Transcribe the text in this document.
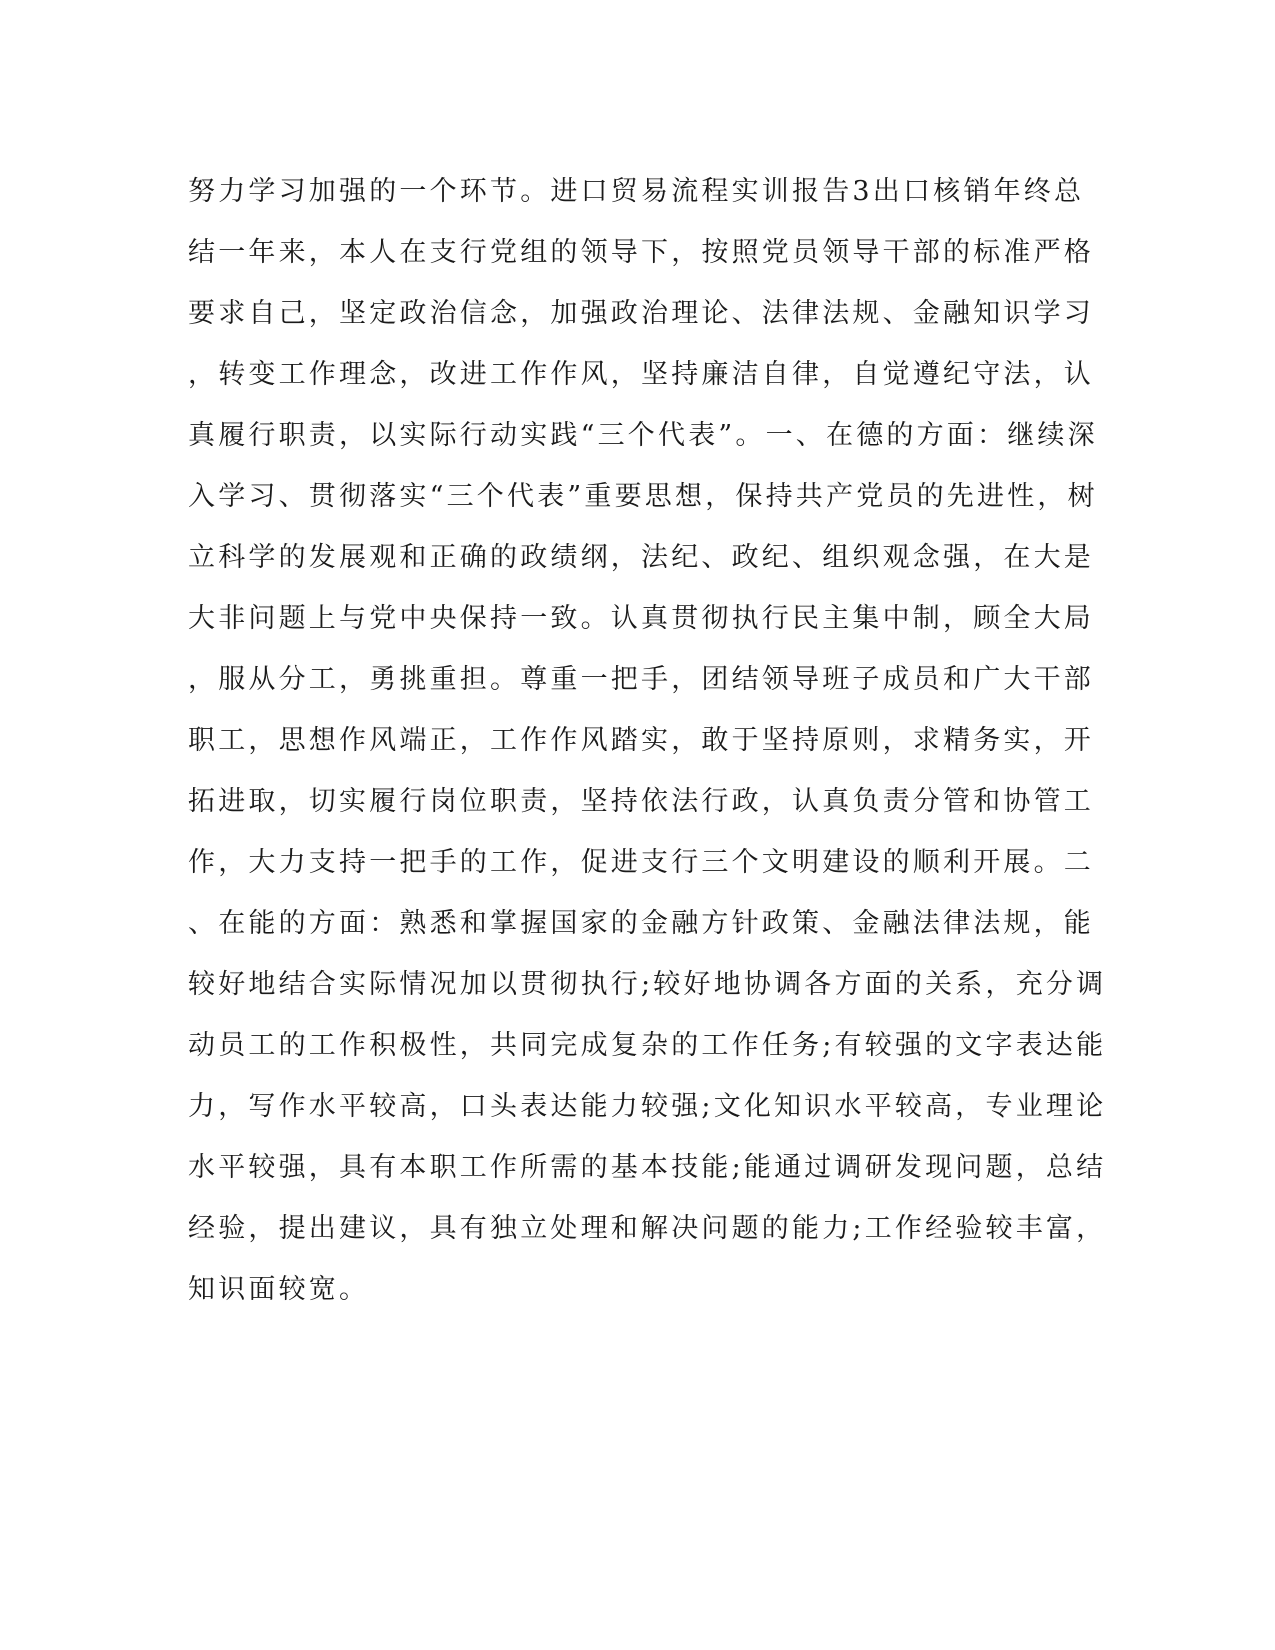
努力学习加强的一个环节。进口贸易流程实训报告3出口核销年终总
结一年来，本人在支行党组的领导下，按照党员领导干部的标准严格
要求自己，坚定政治信念，加强政治理论、法律法规、金融知识学习
，转变工作理念，改进工作作风，坚持廉洁自律，自觉遵纪守法，认
真履行职责，以实际行动实践“三个代表”。一、在德的方面：继续深
入学习、贯彻落实“三个代表”重要思想，保持共产党员的先进性，树
立科学的发展观和正确的政绩纲，法纪、政纪、组织观念强，在大是
大非问题上与党中央保持一致。认真贯彻执行民主集中制，顾全大局
，服从分工，勇挑重担。尊重一把手，团结领导班子成员和广大干部
职工，思想作风端正，工作作风踏实，敢于坚持原则，求精务实，开
拓进取，切实履行岗位职责，坚持依法行政，认真负责分管和协管工
作，大力支持一把手的工作，促进支行三个文明建设的顺利开展。二
、在能的方面：熟悉和掌握国家的金融方针政策、金融法律法规，能
较好地结合实际情况加以贯彻执行;较好地协调各方面的关系，充分调
动员工的工作积极性，共同完成复杂的工作任务;有较强的文字表达能
力，写作水平较高，口头表达能力较强;文化知识水平较高，专业理论
水平较强，具有本职工作所需的基本技能;能通过调研发现问题，总结
经验，提出建议，具有独立处理和解决问题的能力;工作经验较丰富，
知识面较宽。
